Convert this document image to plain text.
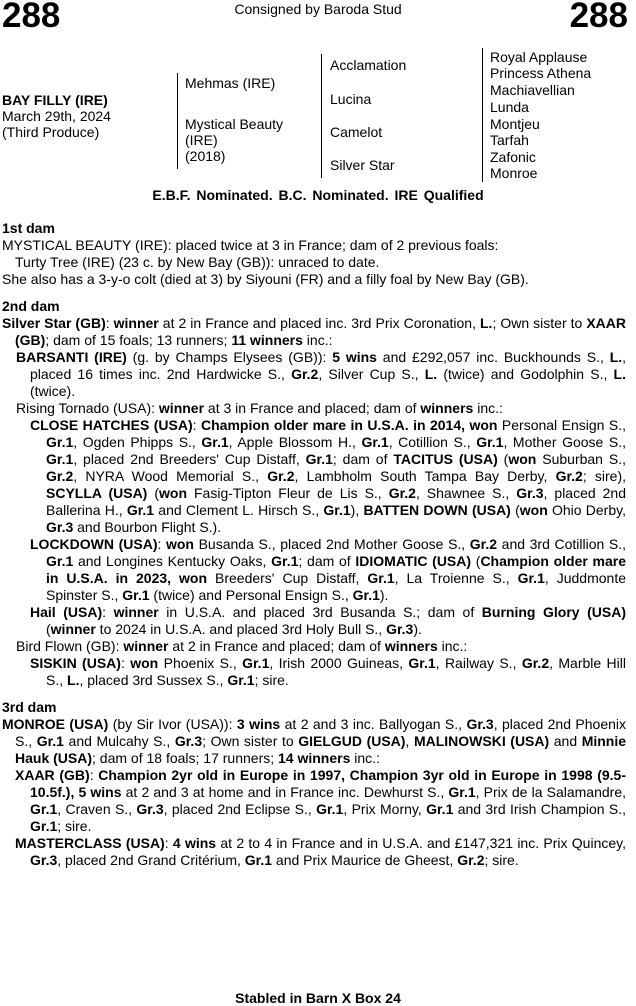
288	Consigned by Baroda Stud	288
BAY FILLY (IRE)
March 29th, 2024
(Third Produce)
Mehmas (IRE)
Mystical Beauty
(IRE)
(2018)
Acclamation
Lucina
Camelot
Silver Star
Royal Applause
Princess Athena
Machiavellian
Lunda
Montjeu
Tarfah
Zafonic
Monroe
E.B.F. Nominated. B.C. Nominated. IRE Qualified

1st dam

MYSTICAL BEAUTY (IRE): placed twice at 3 in France; dam of 2 previous foals:

Turty Tree (IRE) (23 c. by New Bay (GB)): unraced to date.

She also has a 3-y-o colt (died at 3) by Siyouni (FR) and a filly foal by New Bay (GB).

2nd dam

Silver Star (GB): winner at 2 in France and placed inc. 3rd Prix Coronation, L.; Own sister to XAAR (GB); dam of 15 foals; 13 runners; 11 winners inc.:

BARSANTI (IRE) (g. by Champs Elysees (GB)): 5 wins and £292,057 inc. Buckhounds S., L., placed 16 times inc. 2nd Hardwicke S., Gr.2, Silver Cup S., L. (twice) and Godolphin S., L. (twice).

Rising Tornado (USA): winner at 3 in France and placed; dam of winners inc.:

CLOSE HATCHES (USA): Champion older mare in U.S.A. in 2014, won Personal Ensign S., Gr.1, Ogden Phipps S., Gr.1, Apple Blossom H., Gr.1, Cotillion S., Gr.1, Mother Goose S., Gr.1, placed 2nd Breeders' Cup Distaff, Gr.1; dam of TACITUS (USA) (won Suburban S., Gr.2, NYRA Wood Memorial S., Gr.2, Lambholm South Tampa Bay Derby, Gr.2; sire), SCYLLA (USA) (won Fasig-Tipton Fleur de Lis S., Gr.2, Shawnee S., Gr.3, placed 2nd Ballerina H., Gr.1 and Clement L. Hirsch S., Gr.1), BATTEN DOWN (USA) (won Ohio Derby, Gr.3 and Bourbon Flight S.).

LOCKDOWN (USA): won Busanda S., placed 2nd Mother Goose S., Gr.2 and 3rd Cotillion S., Gr.1 and Longines Kentucky Oaks, Gr.1; dam of IDIOMATIC (USA) (Champion older mare in U.S.A. in 2023, won Breeders' Cup Distaff, Gr.1, La Troienne S., Gr.1, Juddmonte Spinster S., Gr.1 (twice) and Personal Ensign S., Gr.1).

Hail (USA): winner in U.S.A. and placed 3rd Busanda S.; dam of Burning Glory (USA) (winner to 2024 in U.S.A. and placed 3rd Holy Bull S., Gr.3).

Bird Flown (GB): winner at 2 in France and placed; dam of winners inc.:

SISKIN (USA): won Phoenix S., Gr.1, Irish 2000 Guineas, Gr.1, Railway S., Gr.2, Marble Hill S., L., placed 3rd Sussex S., Gr.1; sire.

3rd dam

MONROE (USA) (by Sir Ivor (USA)): 3 wins at 2 and 3 inc. Ballyogan S., Gr.3, placed 2nd Phoenix S., Gr.1 and Mulcahy S., Gr.3; Own sister to GIELGUD (USA), MALINOWSKI (USA) and Minnie Hauk (USA); dam of 18 foals; 17 runners; 14 winners inc.:

XAAR (GB): Champion 2yr old in Europe in 1997, Champion 3yr old in Europe in 1998 (9.5-10.5f.), 5 wins at 2 and 3 at home and in France inc. Dewhurst S., Gr.1, Prix de la Salamandre, Gr.1, Craven S., Gr.3, placed 2nd Eclipse S., Gr.1, Prix Morny, Gr.1 and 3rd Irish Champion S., Gr.1; sire.

MASTERCLASS (USA): 4 wins at 2 to 4 in France and in U.S.A. and £147,321 inc. Prix Quincey, Gr.3, placed 2nd Grand Critérium, Gr.1 and Prix Maurice de Gheest, Gr.2; sire.

Stabled in Barn X Box 24
